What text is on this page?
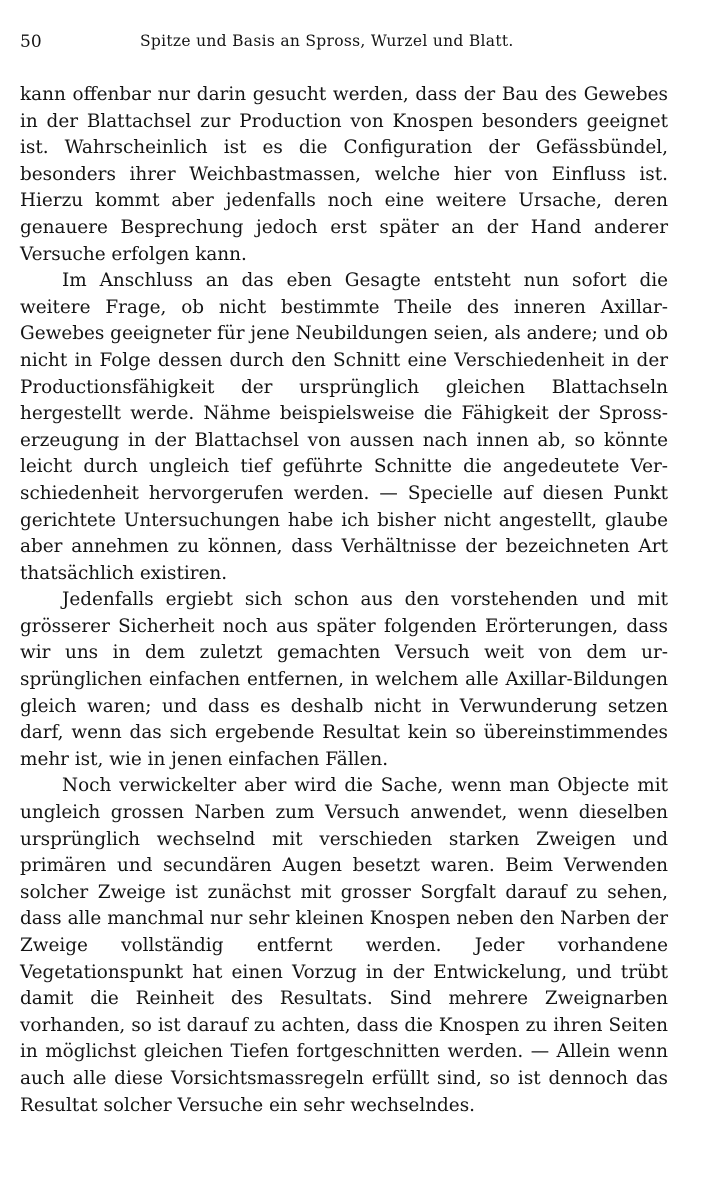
50	Spitze und Basis an Spross, Wurzel und Blatt.

kann offenbar nur darin gesucht werden, dass der Bau des Gewebes in der Blattachsel zur Production von Knospen besonders geeignet ist. Wahrscheinlich ist es die Configuration der Gefässbündel, besonders ihrer Weichbastmassen, welche hier von Einfluss ist. Hierzu kommt aber jedenfalls noch eine weitere Ursache, deren genauere Besprechung jedoch erst später an der Hand anderer Versuche erfolgen kann.

Im Anschluss an das eben Gesagte entsteht nun sofort die weitere Frage, ob nicht bestimmte Theile des inneren Axillar-Gewebes geeigneter für jene Neubildungen seien, als andere; und ob nicht in Folge dessen durch den Schnitt eine Verschiedenheit in der Productionsfähigkeit der ursprünglich gleichen Blattachseln hergestellt werde. Nähme beispielsweise die Fähigkeit der Sprosserzeugung in der Blattachsel von aussen nach innen ab, so könnte leicht durch ungleich tief geführte Schnitte die angedeutete Verschiedenheit hervorgerufen werden. — Specielle auf diesen Punkt gerichtete Untersuchungen habe ich bisher nicht angestellt, glaube aber annehmen zu können, dass Verhältnisse der bezeichneten Art thatsächlich existiren.

Jedenfalls ergiebt sich schon aus den vorstehenden und mit grösserer Sicherheit noch aus später folgenden Erörterungen, dass wir uns in dem zuletzt gemachten Versuch weit von dem ursprünglichen einfachen entfernen, in welchem alle Axillar-Bildungen gleich waren; und dass es deshalb nicht in Verwunderung setzen darf, wenn das sich ergebende Resultat kein so übereinstimmendes mehr ist, wie in jenen einfachen Fällen.

Noch verwickelter aber wird die Sache, wenn man Objecte mit ungleich grossen Narben zum Versuch anwendet, wenn dieselben ursprünglich wechselnd mit verschieden starken Zweigen und primären und secundären Augen besetzt waren. Beim Verwenden solcher Zweige ist zunächst mit grosser Sorgfalt darauf zu sehen, dass alle manchmal nur sehr kleinen Knospen neben den Narben der Zweige vollständig entfernt werden. Jeder vorhandene Vegetationspunkt hat einen Vorzug in der Entwickelung, und trübt damit die Reinheit des Resultats. Sind mehrere Zweignarben vorhanden, so ist darauf zu achten, dass die Knospen zu ihren Seiten in möglichst gleichen Tiefen fortgeschnitten werden. — Allein wenn auch alle diese Vorsichtsmassregeln erfüllt sind, so ist dennoch das Resultat solcher Versuche ein sehr wechselndes.
